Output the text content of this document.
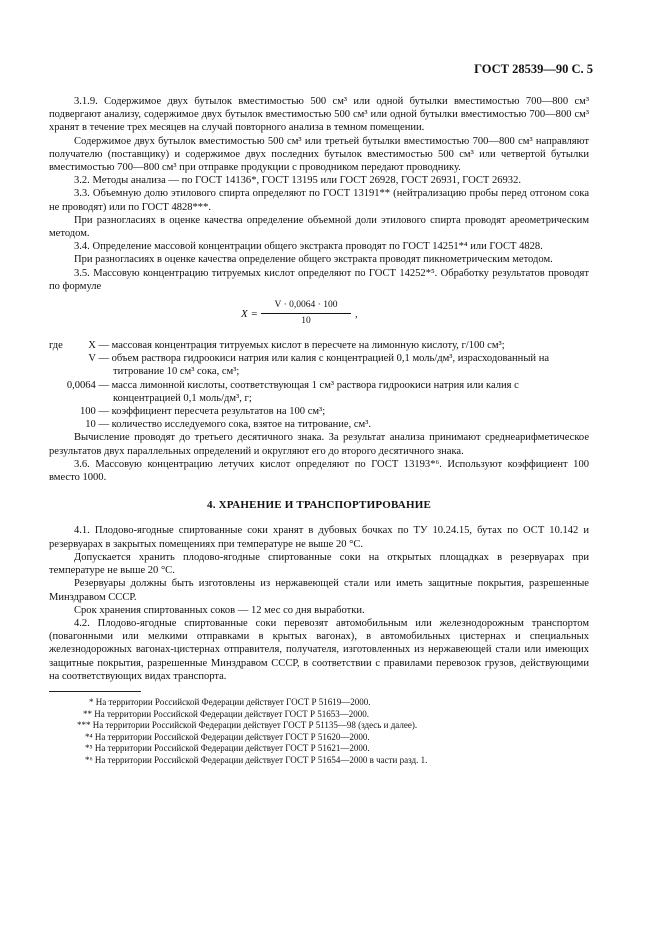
ГОСТ 28539—90 С. 5

3.1.9. Содержимое двух бутылок вместимостью 500 см³ или одной бутылки вместимостью 700—800 см³ подвергают анализу, содержимое двух бутылок вместимостью 500 см³ или одной бутылки вместимостью 700—800 см³ хранят в течение трех месяцев на случай повторного анализа в темном помещении.

Содержимое двух бутылок вместимостью 500 см³ или третьей бутылки вместимостью 700—800 см³ направляют получателю (поставщику) и содержимое двух последних бутылок вместимостью 500 см³ или четвертой бутылки вместимостью 700—800 см³ при отправке продукции с проводником передают проводнику.

3.2. Методы анализа — по ГОСТ 14136*, ГОСТ 13195 или ГОСТ 26928, ГОСТ 26931, ГОСТ 26932.

3.3. Объемную долю этилового спирта определяют по ГОСТ 13191** (нейтрализацию пробы перед отгоном сока не проводят) или по ГОСТ 4828***.

При разногласиях в оценке качества определение объемной доли этилового спирта проводят ареометрическим методом.

3.4. Определение массовой концентрации общего экстракта проводят по ГОСТ 14251*⁴ или ГОСТ 4828.

При разногласиях в оценке качества определение общего экстракта проводят пикнометрическим методом.

3.5. Массовую концентрацию титруемых кислот определяют по ГОСТ 14252*⁵. Обработку результатов проводят по формуле

$X = \frac{V \cdot 0,0064 \cdot 100}{10}$ ,
где X — массовая концентрация титруемых кислот в пересчете на лимонную кислоту, г/100 см³;
V — объем раствора гидроокиси натрия или калия с концентрацией 0,1 моль/дм³, израсходованный на титрование 10 см³ сока, см³;
0,0064 — масса лимонной кислоты, соответствующая 1 см³ раствора гидроокиси натрия или калия с концентрацией 0,1 моль/дм³, г;
100 — коэффициент пересчета результатов на 100 см³;
10 — количество исследуемого сока, взятое на титрование, см³.

Вычисление проводят до третьего десятичного знака. За результат анализа принимают среднеарифметическое результатов двух параллельных определений и округляют его до второго десятичного знака.

3.6. Массовую концентрацию летучих кислот определяют по ГОСТ 13193*⁶. Используют коэффициент 100 вместо 1000.

4. ХРАНЕНИЕ И ТРАНСПОРТИРОВАНИЕ

4.1. Плодово-ягодные спиртованные соки хранят в дубовых бочках по ТУ 10.24.15, бутах по ОСТ 10.142 и резервуарах в закрытых помещениях при температуре не выше 20 °С.

Допускается хранить плодово-ягодные спиртованные соки на открытых площадках в резервуарах при температуре не выше 20 °С.

Резервуары должны быть изготовлены из нержавеющей стали или иметь защитные покрытия, разрешенные Минздравом СССР.

Срок хранения спиртованных соков — 12 мес со дня выработки.

4.2. Плодово-ягодные спиртованные соки перевозят автомобильным или железнодорожным транспортом (повагонными или мелкими отправками в крытых вагонах), в автомобильных цистернах и специальных железнодорожных вагонах-цистернах отправителя, получателя, изготовленных из нержавеющей стали или имеющих защитные покрытия, разрешенные Минздравом СССР, в соответствии с правилами перевозок грузов, действующими на соответствующих видах транспорта.

* На территории Российской Федерации действует ГОСТ Р 51619—2000.

** На территории Российской Федерации действует ГОСТ Р 51653—2000.

*** На территории Российской Федерации действует ГОСТ Р 51135—98 (здесь и далее).

*⁴ На территории Российской Федерации действует ГОСТ Р 51620—2000.

*⁵ На территории Российской Федерации действует ГОСТ Р 51621—2000.

*⁶ На территории Российской Федерации действует ГОСТ Р 51654—2000 в части разд. 1.
